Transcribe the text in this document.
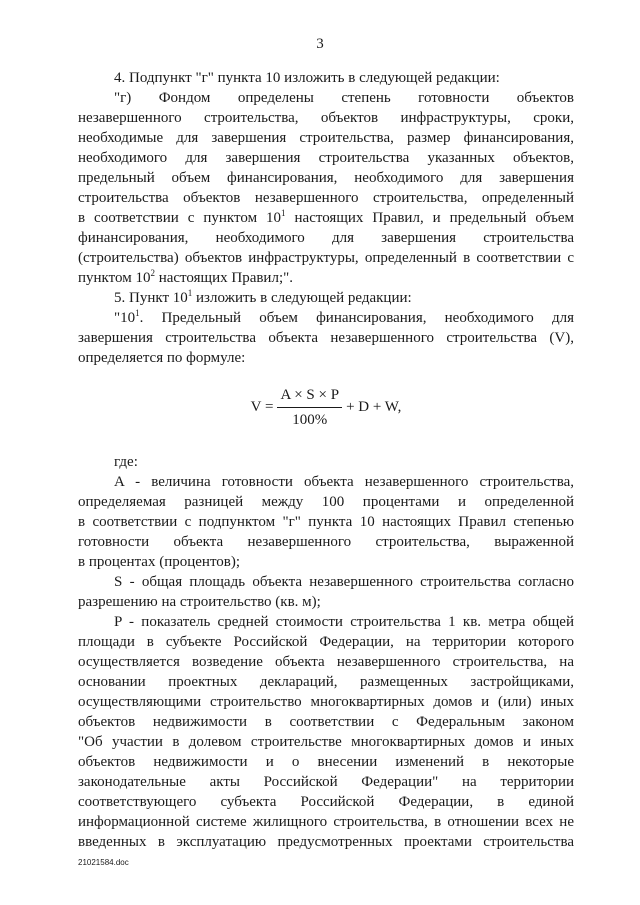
3

4. Подпункт "г" пункта 10 изложить в следующей редакции:

"г) Фондом определены степень готовности объектов

незавершенного строительства, объектов инфраструктуры, сроки,

необходимые для завершения строительства, размер финансирования,

необходимого для завершения строительства указанных объектов,

предельный объем финансирования, необходимого для завершения

строительства объектов незавершенного строительства, определенный

в соответствии с пунктом $10^1$ настоящих Правил, и предельный объем

финансирования, необходимого для завершения строительства

(строительства) объектов инфраструктуры, определенный в соответствии с

пунктом $10^2$ настоящих Правил;".

5. Пункт $10^1$ изложить в следующей редакции:

"$10^1$. Предельный объем финансирования, необходимого для

завершения строительства объекта незавершенного строительства (V),

определяется по формуле:

$V = \frac{A \times S \times P}{100\%} + D + W$,

где:

A - величина готовности объекта незавершенного строительства,

определяемая разницей между 100 процентами и определенной

в соответствии с подпунктом "г" пункта 10 настоящих Правил степенью

готовности объекта незавершенного строительства, выраженной

в процентах (процентов);

S - общая площадь объекта незавершенного строительства согласно

разрешению на строительство (кв. м);

P - показатель средней стоимости строительства 1 кв. метра общей

площади в субъекте Российской Федерации, на территории которого

осуществляется возведение объекта незавершенного строительства, на

основании проектных деклараций, размещенных застройщиками,

осуществляющими строительство многоквартирных домов и (или) иных

объектов недвижимости в соответствии с Федеральным законом

"Об участии в долевом строительстве многоквартирных домов и иных

объектов недвижимости и о внесении изменений в некоторые

законодательные акты Российской Федерации" на территории

соответствующего субъекта Российской Федерации, в единой

информационной системе жилищного строительства, в отношении всех не

введенных в эксплуатацию предусмотренных проектами строительства

21021584.doc
